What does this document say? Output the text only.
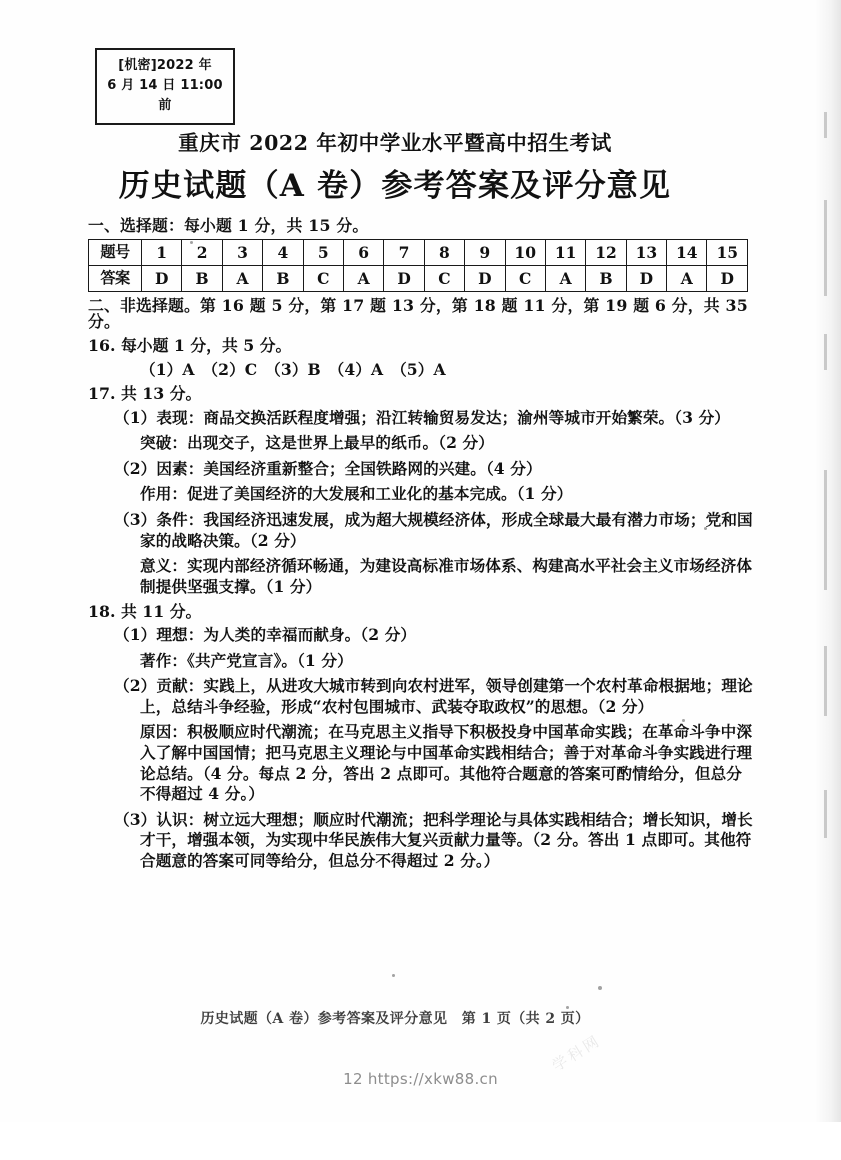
[机密]2022 年
6 月 14 日 11:00 前
重庆市 2022 年初中学业水平暨高中招生考试
历史试题（A 卷）参考答案及评分意见
一、选择题：每小题 1 分，共 15 分。
题号	1	2	3	4	5	6	7	8	9	10	11	12	13	14	15
答案	D	B	A	B	C	A	D	C	D	C	A	B	D	A	D
二、非选择题。第 16 题 5 分，第 17 题 13 分，第 18 题 11 分，第 19 题 6 分，共 35 分。
16. 每小题 1 分，共 5 分。
（1）A　（2）C　（3）B　（4）A　（5）A
17. 共 13 分。
（1）表现：商品交换活跃程度增强；沿江转输贸易发达；渝州等城市开始繁荣。（3 分）
突破：出现交子，这是世界上最早的纸币。（2 分）
（2）因素：美国经济重新整合；全国铁路网的兴建。（4 分）
作用：促进了美国经济的大发展和工业化的基本完成。（1 分）
（3）条件：我国经济迅速发展，成为超大规模经济体，形成全球最大最有潜力市场；党和国家的战略决策。（2 分）
意义：实现内部经济循环畅通，为建设高标准市场体系、构建高水平社会主义市场经济体制提供坚强支撑。（1 分）
18. 共 11 分。
（1）理想：为人类的幸福而献身。（2 分）
著作：《共产党宣言》。（1 分）
（2）贡献：实践上，从进攻大城市转到向农村进军，领导创建第一个农村革命根据地；理论上，总结斗争经验，形成“农村包围城市、武装夺取政权”的思想。（2 分）
原因：积极顺应时代潮流；在马克思主义指导下积极投身中国革命实践；在革命斗争中深入了解中国国情；把马克思主义理论与中国革命实践相结合；善于对革命斗争实践进行理论总结。（4 分。每点 2 分，答出 2 点即可。其他符合题意的答案可酌情给分，但总分不得超过 4 分。）
（3）认识：树立远大理想；顺应时代潮流；把科学理论与具体实践相结合；增长知识，增长才干，增强本领，为实现中华民族伟大复兴贡献力量等。（2 分。答出 1 点即可。其他符合题意的答案可同等给分，但总分不得超过 2 分。）
历史试题（A 卷）参考答案及评分意见　第 1 页（共 2 页）
学科网
12 https://xkw88.cn
